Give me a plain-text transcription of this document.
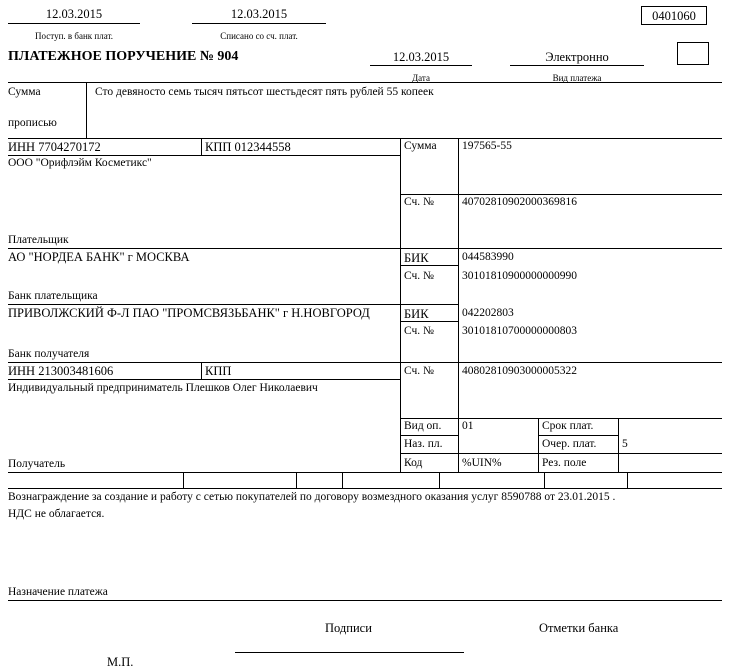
12.03.2015
Поступ. в банк плат.
12.03.2015
Списано со сч. плат.
0401060
ПЛАТЕЖНОЕ ПОРУЧЕНИЕ № 904	12.03.2015
Дата
Электронно
Вид платежа
Сумма
прописью
Сто девяносто семь тысяч пятьсот шестьдесят пять рублей 55 копеек
ИНН 7704270172	КПП 012344558
ООО "Орифлэйм Косметикс"
Плательщик
Сумма 197565-55
Сч. № 40702810902000369816
АО "НОРДЕА БАНК" г МОСКВА
Банк плательщика
БИК	044583990
Сч. № 30101810900000000990
ПРИВОЛЖСКИЙ Ф-Л ПАО "ПРОМСВЯЗЬБАНК" г Н.НОВГОРОД
Банк получателя
БИК	042202803
Сч. № 30101810700000000803
ИНН 213003481606	КПП
Индивидуальный предприниматель Плешков Олег Николаевич
Получатель
Сч. № 40802810903000005322
Вид оп. 01	Срок плат.
Наз. пл.	Очер. плат. 5
Код	%UIN%	Рез. поле
Вознаграждение за создание и работу с сетью покупателей по договору возмездного оказания услуг 8590788 от 23.01.2015 .
НДС не облагается.
Назначение платежа
Подписи	Отметки банка
М.П.
